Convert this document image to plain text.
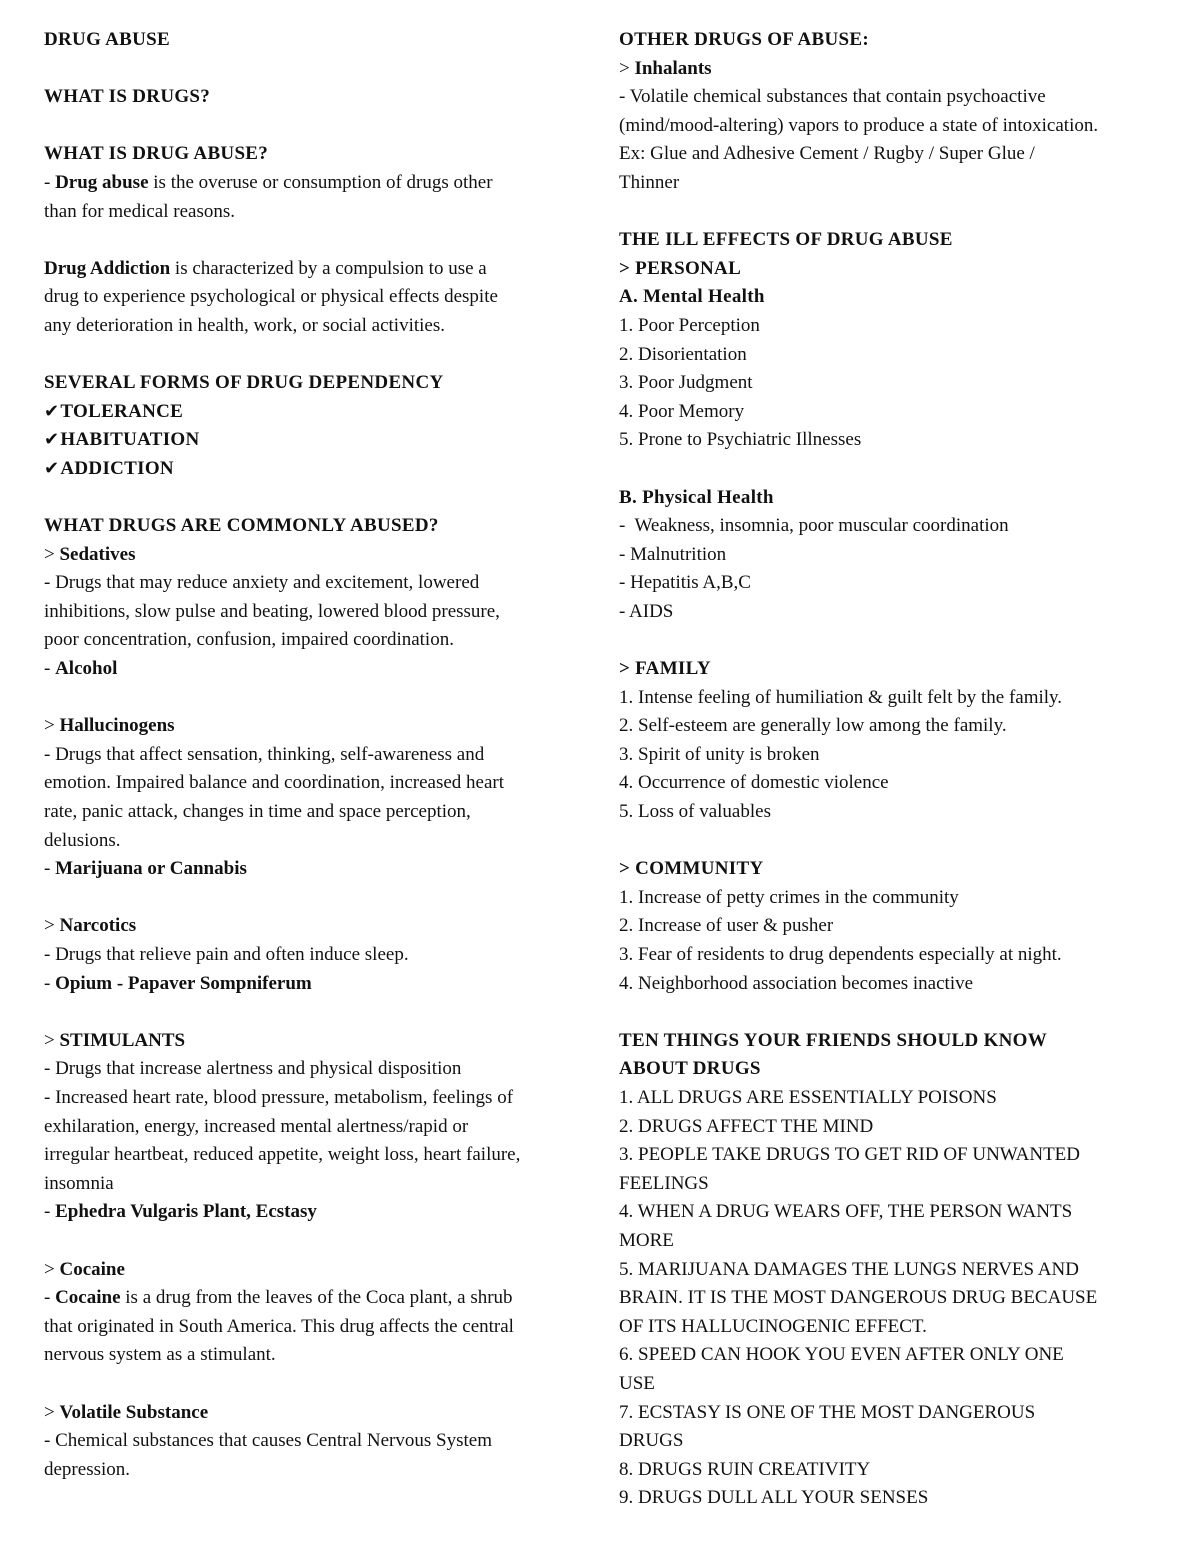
DRUG ABUSE
WHAT IS DRUGS?
WHAT IS DRUG ABUSE?
- Drug abuse is the overuse or consumption of drugs other
than for medical reasons.
Drug Addiction is characterized by a compulsion to use a
drug to experience psychological or physical effects despite
any deterioration in health, work, or social activities.
SEVERAL FORMS OF DRUG DEPENDENCY
✔TOLERANCE
✔HABITUATION
✔ADDICTION
WHAT DRUGS ARE COMMONLY ABUSED?
> Sedatives
- Drugs that may reduce anxiety and excitement, lowered
inhibitions, slow pulse and beating, lowered blood pressure,
poor concentration, confusion, impaired coordination.
- Alcohol
> Hallucinogens
- Drugs that affect sensation, thinking, self-awareness and
emotion. Impaired balance and coordination, increased heart
rate, panic attack, changes in time and space perception,
delusions.
- Marijuana or Cannabis
> Narcotics
- Drugs that relieve pain and often induce sleep.
- Opium - Papaver Sompniferum
> STIMULANTS
- Drugs that increase alertness and physical disposition
- Increased heart rate, blood pressure, metabolism, feelings of
exhilaration, energy, increased mental alertness/rapid or
irregular heartbeat, reduced appetite, weight loss, heart failure,
insomnia
- Ephedra Vulgaris Plant, Ecstasy
> Cocaine
- Cocaine is a drug from the leaves of the Coca plant, a shrub
that originated in South America. This drug affects the central
nervous system as a stimulant.
> Volatile Substance
- Chemical substances that causes Central Nervous System
depression.
OTHER DRUGS OF ABUSE:
> Inhalants
- Volatile chemical substances that contain psychoactive
(mind/mood-altering) vapors to produce a state of intoxication.
Ex: Glue and Adhesive Cement / Rugby / Super Glue /
Thinner
THE ILL EFFECTS OF DRUG ABUSE
> PERSONAL
A. Mental Health
1. Poor Perception
2. Disorientation
3. Poor Judgment
4. Poor Memory
5. Prone to Psychiatric Illnesses
B. Physical Health
-  Weakness, insomnia, poor muscular coordination
- Malnutrition
- Hepatitis A,B,C
- AIDS
> FAMILY
1. Intense feeling of humiliation & guilt felt by the family.
2. Self-esteem are generally low among the family.
3. Spirit of unity is broken
4. Occurrence of domestic violence
5. Loss of valuables
> COMMUNITY
1. Increase of petty crimes in the community
2. Increase of user & pusher
3. Fear of residents to drug dependents especially at night.
4. Neighborhood association becomes inactive
TEN THINGS YOUR FRIENDS SHOULD KNOW
ABOUT DRUGS
1. ALL DRUGS ARE ESSENTIALLY POISONS
2. DRUGS AFFECT THE MIND
3. PEOPLE TAKE DRUGS TO GET RID OF UNWANTED
FEELINGS
4. WHEN A DRUG WEARS OFF, THE PERSON WANTS
MORE
5. MARIJUANA DAMAGES THE LUNGS NERVES AND
BRAIN. IT IS THE MOST DANGEROUS DRUG BECAUSE
OF ITS HALLUCINOGENIC EFFECT.
6. SPEED CAN HOOK YOU EVEN AFTER ONLY ONE
USE
7. ECSTASY IS ONE OF THE MOST DANGEROUS
DRUGS
8. DRUGS RUIN CREATIVITY
9. DRUGS DULL ALL YOUR SENSES
